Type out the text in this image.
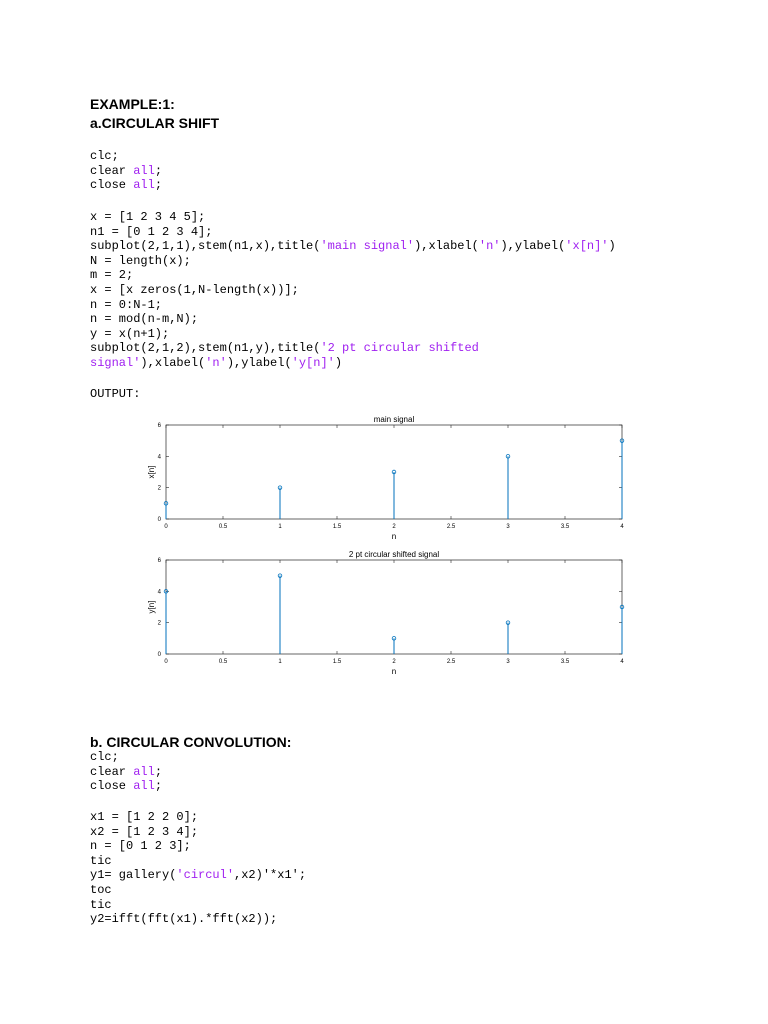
EXAMPLE:1:
a.CIRCULAR SHIFT
clc;
clear all;
close all;
x = [1 2 3 4 5];
n1 = [0 1 2 3 4];
subplot(2,1,1),stem(n1,x),title('main signal'),xlabel('n'),ylabel('x[n]')
N = length(x);
m = 2;
x = [x zeros(1,N-length(x))];
n = 0:N-1;
n = mod(n-m,N);
y = x(n+1);
subplot(2,1,2),stem(n1,y),title('2 pt circular shifted
signal'),xlabel('n'),ylabel('y[n]')
OUTPUT:
main signal
0	0.5	1	1.5	2	2.5	3	3.5	4
0
2
4
6
n
x[n]
2 pt circular shifted signal
0	0.5	1	1.5	2	2.5	3	3.5	4
0
2
4
6
n
y[n]
b. CIRCULAR CONVOLUTION:
clc;
clear all;
close all;
x1 = [1 2 2 0];
x2 = [1 2 3 4];
n = [0 1 2 3];
tic
y1= gallery('circul',x2)'*x1';
toc
tic
y2=ifft(fft(x1).*fft(x2));
